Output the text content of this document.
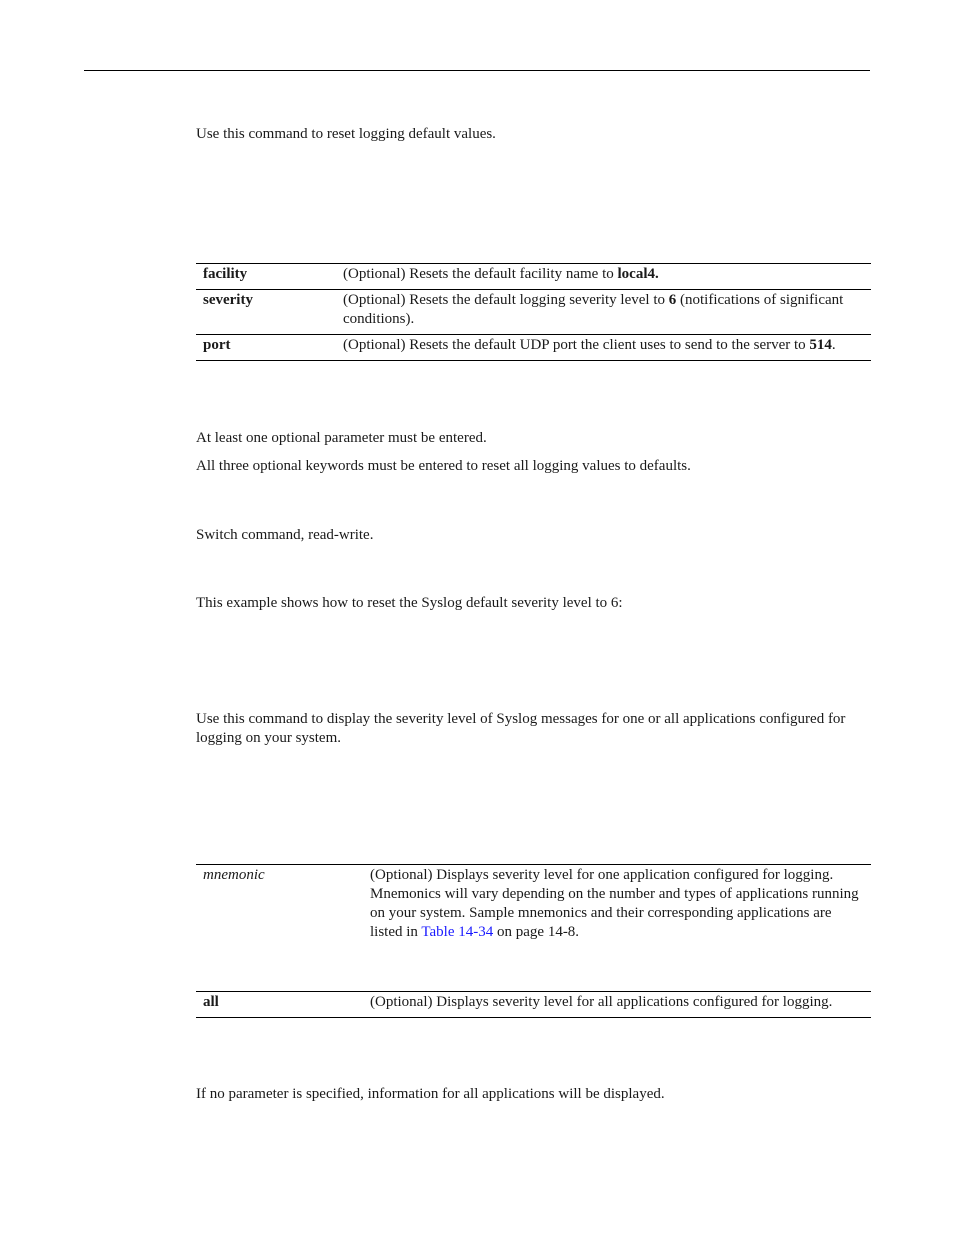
Use this command to reset logging default values.
facility	(Optional) Resets the default facility name to local4.
severity	(Optional) Resets the default logging severity level to 6 (notifications of significant conditions).
port	(Optional) Resets the default UDP port the client uses to send to the server to 514.
At least one optional parameter must be entered.
All three optional keywords must be entered to reset all logging values to defaults.
Switch command, read-write.
This example shows how to reset the Syslog default severity level to 6:
Use this command to display the severity level of Syslog messages for one or all applications configured for logging on your system.
mnemonic	(Optional) Displays severity level for one application configured for logging. Mnemonics will vary depending on the number and types of applications running on your system. Sample mnemonics and their corresponding applications are listed in Table 14-34 on page 14-8.
all	(Optional) Displays severity level for all applications configured for logging.
If no parameter is specified, information for all applications will be displayed.
